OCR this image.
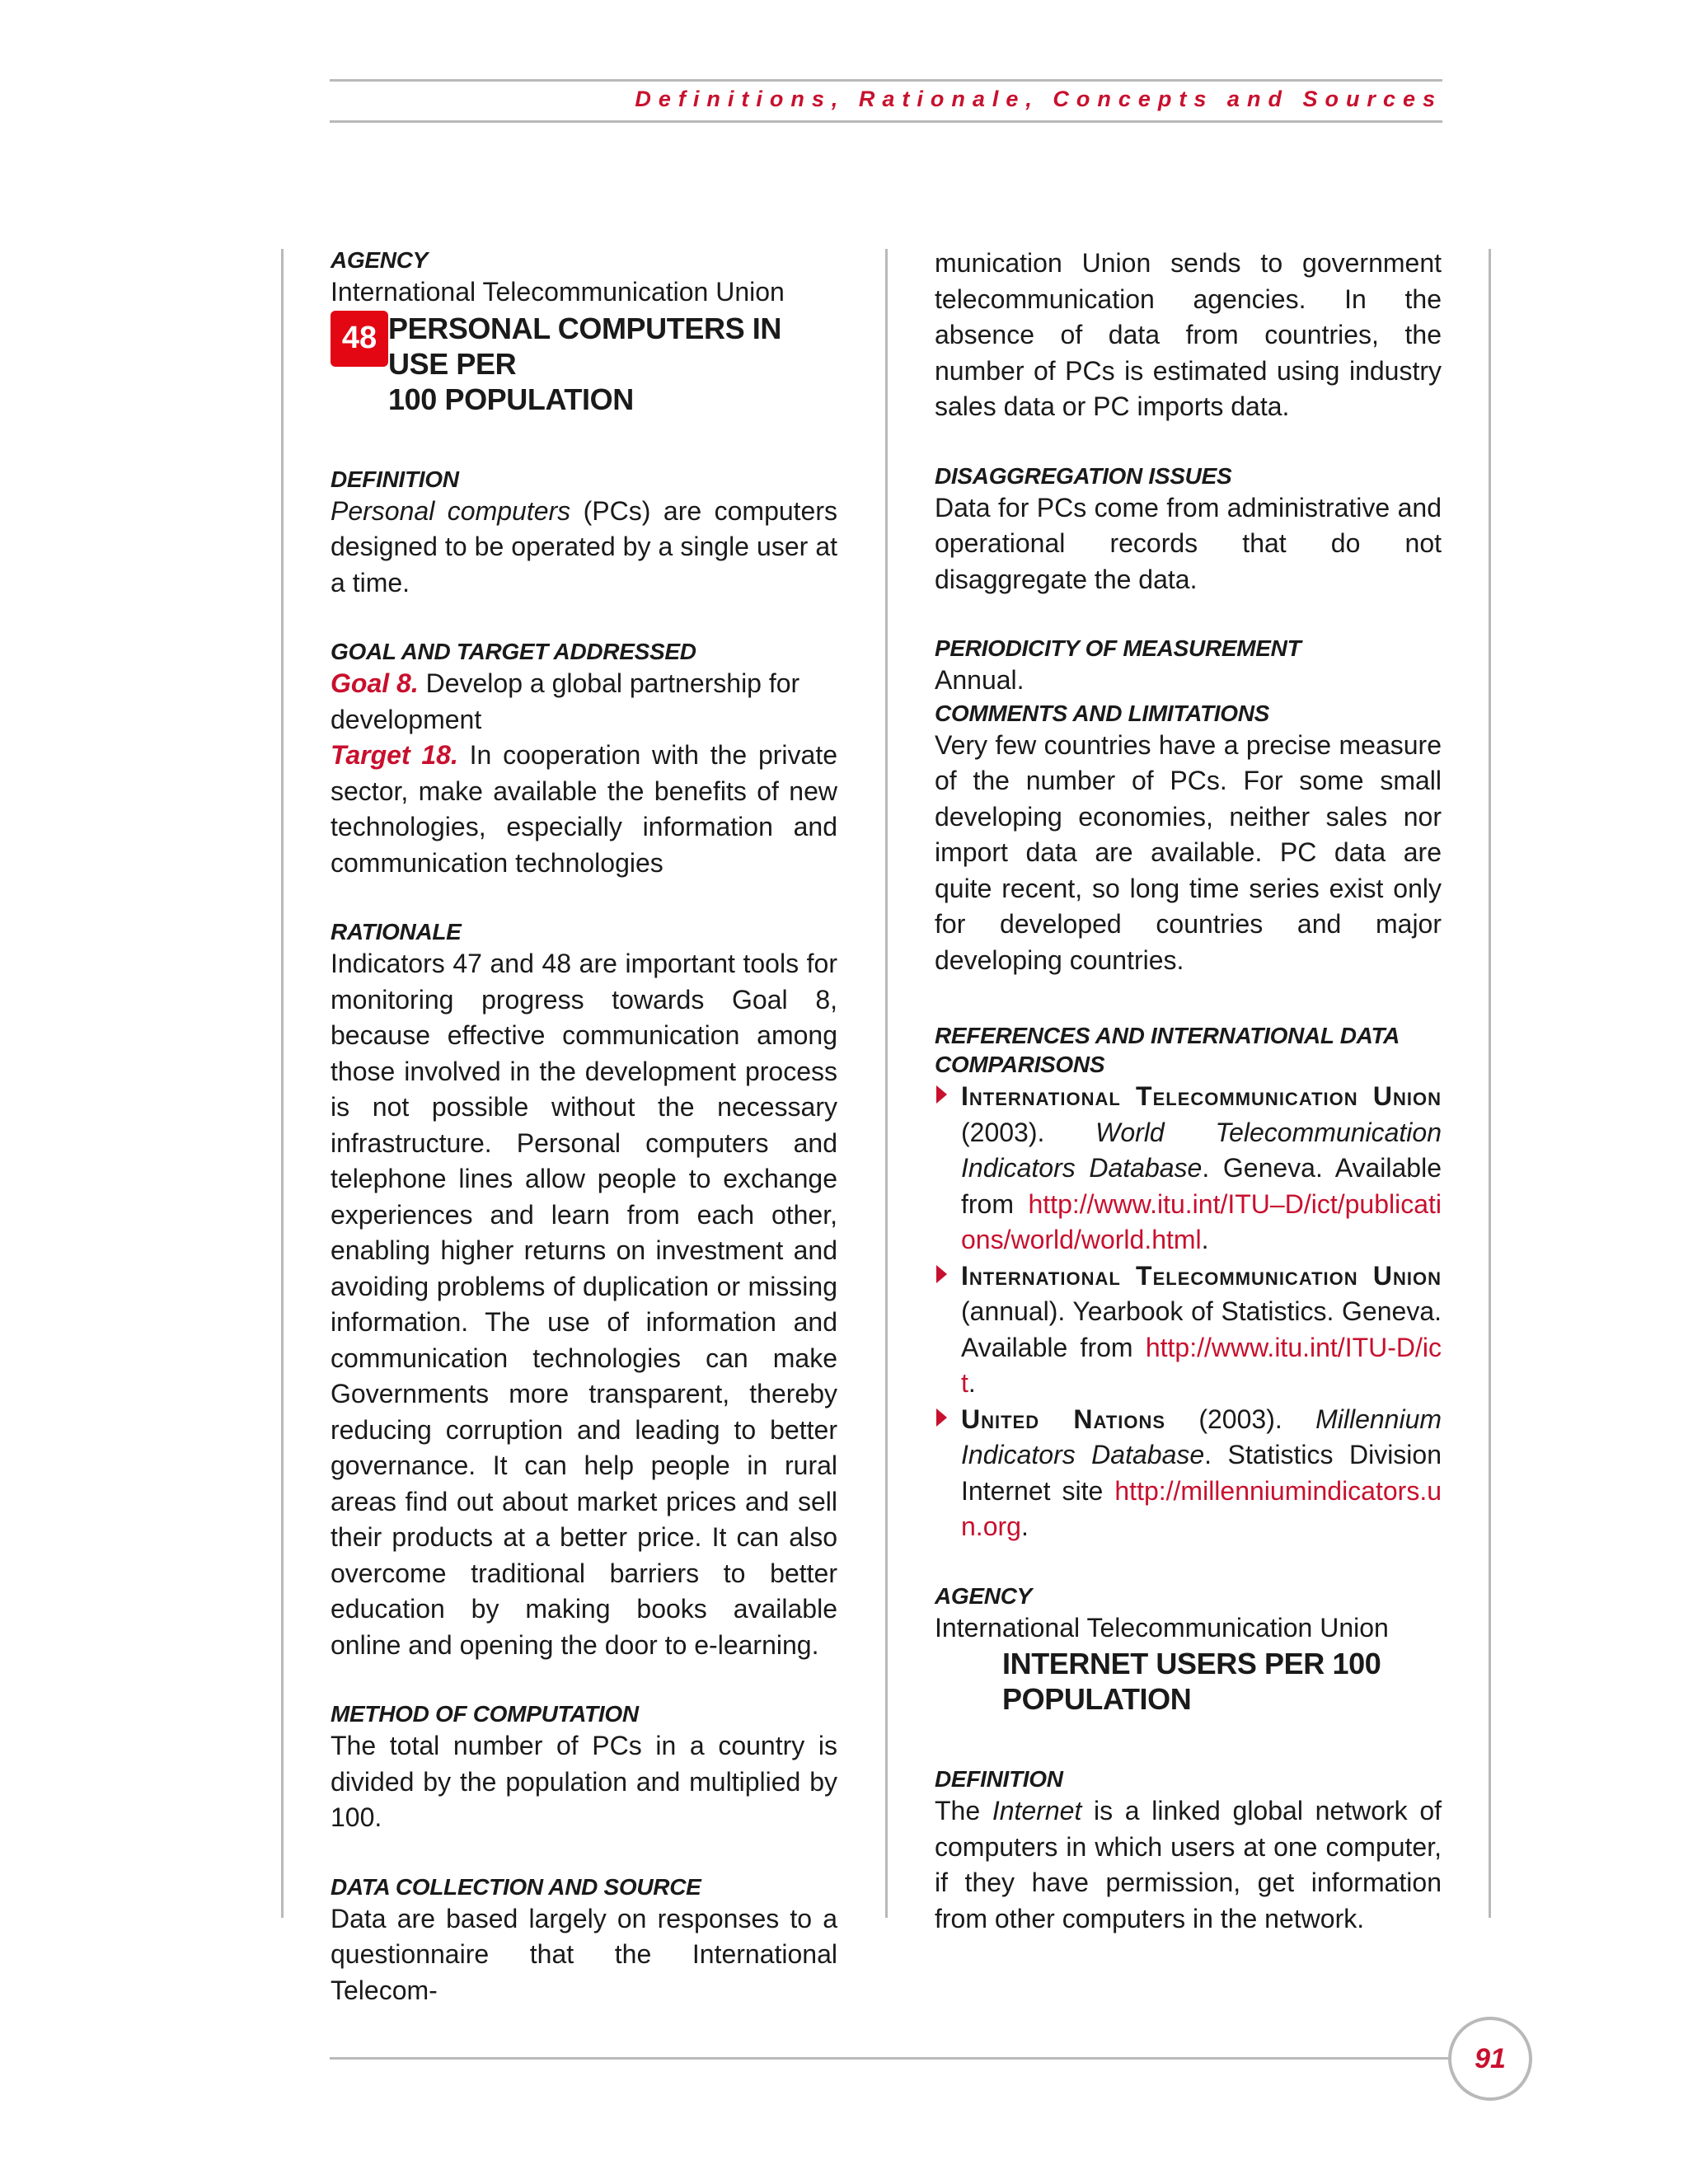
Definitions, Rationale, Concepts and Sources
AGENCY

International Telecommunication Union

48 PERSONAL COMPUTERS IN USE PER
100 POPULATION
DEFINITION

Personal computers (PCs) are computers designed to be operated by a single user at a time.

GOAL AND TARGET ADDRESSED

Goal 8. Develop a global partnership for development

Target 18. In cooperation with the private sector, make available the benefits of new technologies, especially information and communication technologies

RATIONALE

Indicators 47 and 48 are important tools for monitoring progress towards Goal 8, because effective communication among those involved in the development process is not possible without the necessary infrastructure. Personal computers and telephone lines allow people to exchange experiences and learn from each other, enabling higher returns on investment and avoiding problems of duplication or missing information. The use of information and communication technologies can make Governments more transparent, thereby reducing corruption and leading to better governance. It can help people in rural areas find out about market prices and sell their products at a better price. It can also overcome traditional barriers to better education by making books available online and opening the door to e-learning.

METHOD OF COMPUTATION

The total number of PCs in a country is divided by the population and multiplied by 100.

DATA COLLECTION AND SOURCE

Data are based largely on responses to a questionnaire that the International Telecom-

munication Union sends to government telecommunication agencies. In the absence of data from countries, the number of PCs is estimated using industry sales data or PC imports data.

DISAGGREGATION ISSUES

Data for PCs come from administrative and operational records that do not disaggregate the data.

PERIODICITY OF MEASUREMENT

Annual.

COMMENTS AND LIMITATIONS

Very few countries have a precise measure of the number of PCs. For some small developing economies, neither sales nor import data are available. PC data are quite recent, so long time series exist only for developed countries and major developing countries.

REFERENCES AND INTERNATIONAL DATA COMPARISONS
International Telecommunication Union (2003). World Telecommunication Indicators Database. Geneva. Available from http://www.itu.int/ITU–D/ict/publications/world/world.html.
International Telecommunication Union (annual). Yearbook of Statistics. Geneva. Available from http://www.itu.int/ITU-D/ict.
United Nations (2003). Millennium Indicators Database. Statistics Division Internet site http://millenniumindicators.un.org.
AGENCY

International Telecommunication Union

INTERNET USERS PER 100
POPULATION
DEFINITION

The Internet is a linked global network of computers in which users at one computer, if they have permission, get information from other computers in the network.

91
